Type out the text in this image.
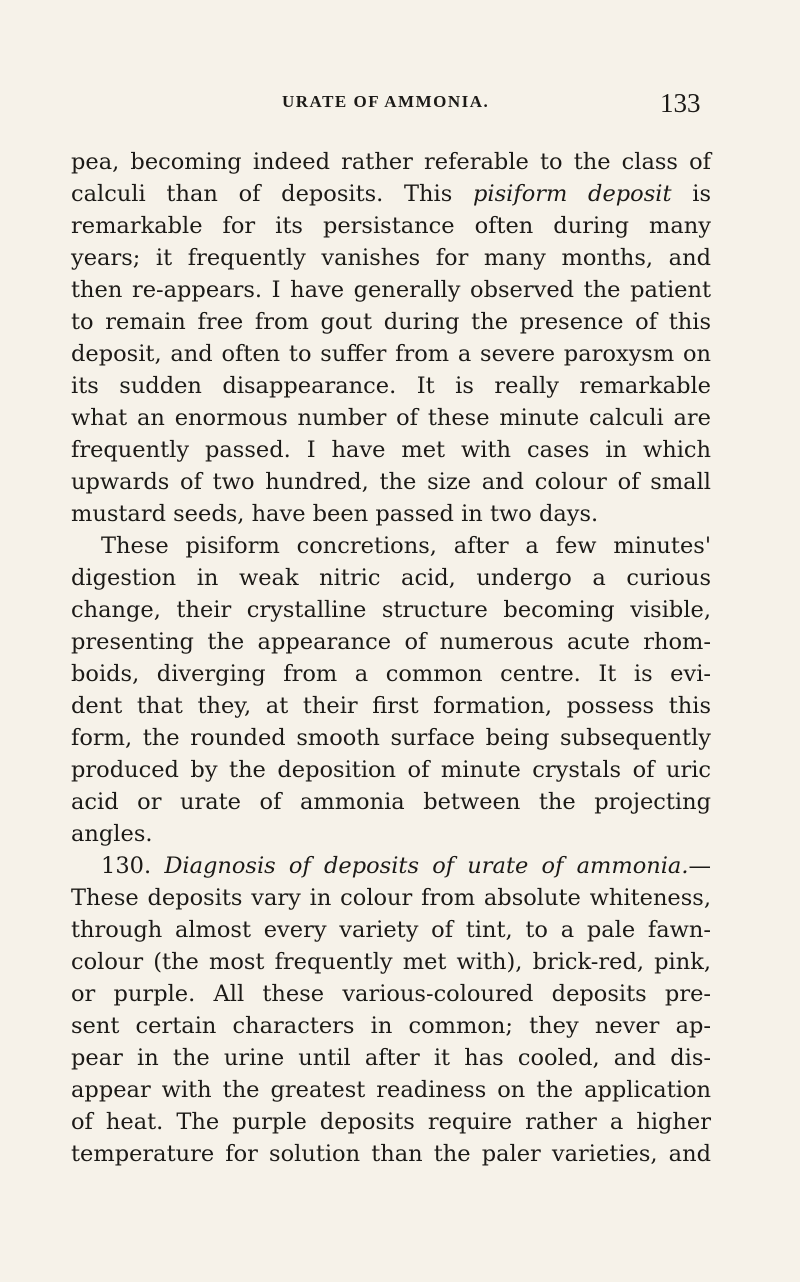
URATE OF AMMONIA.	133
pea, becoming indeed rather referable to the class of
calculi than of deposits. This pisiform deposit is
remarkable for its persistance often during many
years; it frequently vanishes for many months, and
then re-appears. I have generally observed the patient
to remain free from gout during the presence of this
deposit, and often to suffer from a severe paroxysm on
its sudden disappearance. It is really remarkable
what an enormous number of these minute calculi are
frequently passed. I have met with cases in which
upwards of two hundred, the size and colour of small
mustard seeds, have been passed in two days.
These pisiform concretions, after a few minutes'
digestion in weak nitric acid, undergo a curious
change, their crystalline structure becoming visible,
presenting the appearance of numerous acute rhom-
boids, diverging from a common centre. It is evi-
dent that they, at their first formation, possess this
form, the rounded smooth surface being subsequently
produced by the deposition of minute crystals of uric
acid or urate of ammonia between the projecting
angles.
130. Diagnosis of deposits of urate of ammonia.—
These deposits vary in colour from absolute whiteness,
through almost every variety of tint, to a pale fawn-
colour (the most frequently met with), brick-red, pink,
or purple. All these various-coloured deposits pre-
sent certain characters in common; they never ap-
pear in the urine until after it has cooled, and dis-
appear with the greatest readiness on the application
of heat. The purple deposits require rather a higher
temperature for solution than the paler varieties, and
